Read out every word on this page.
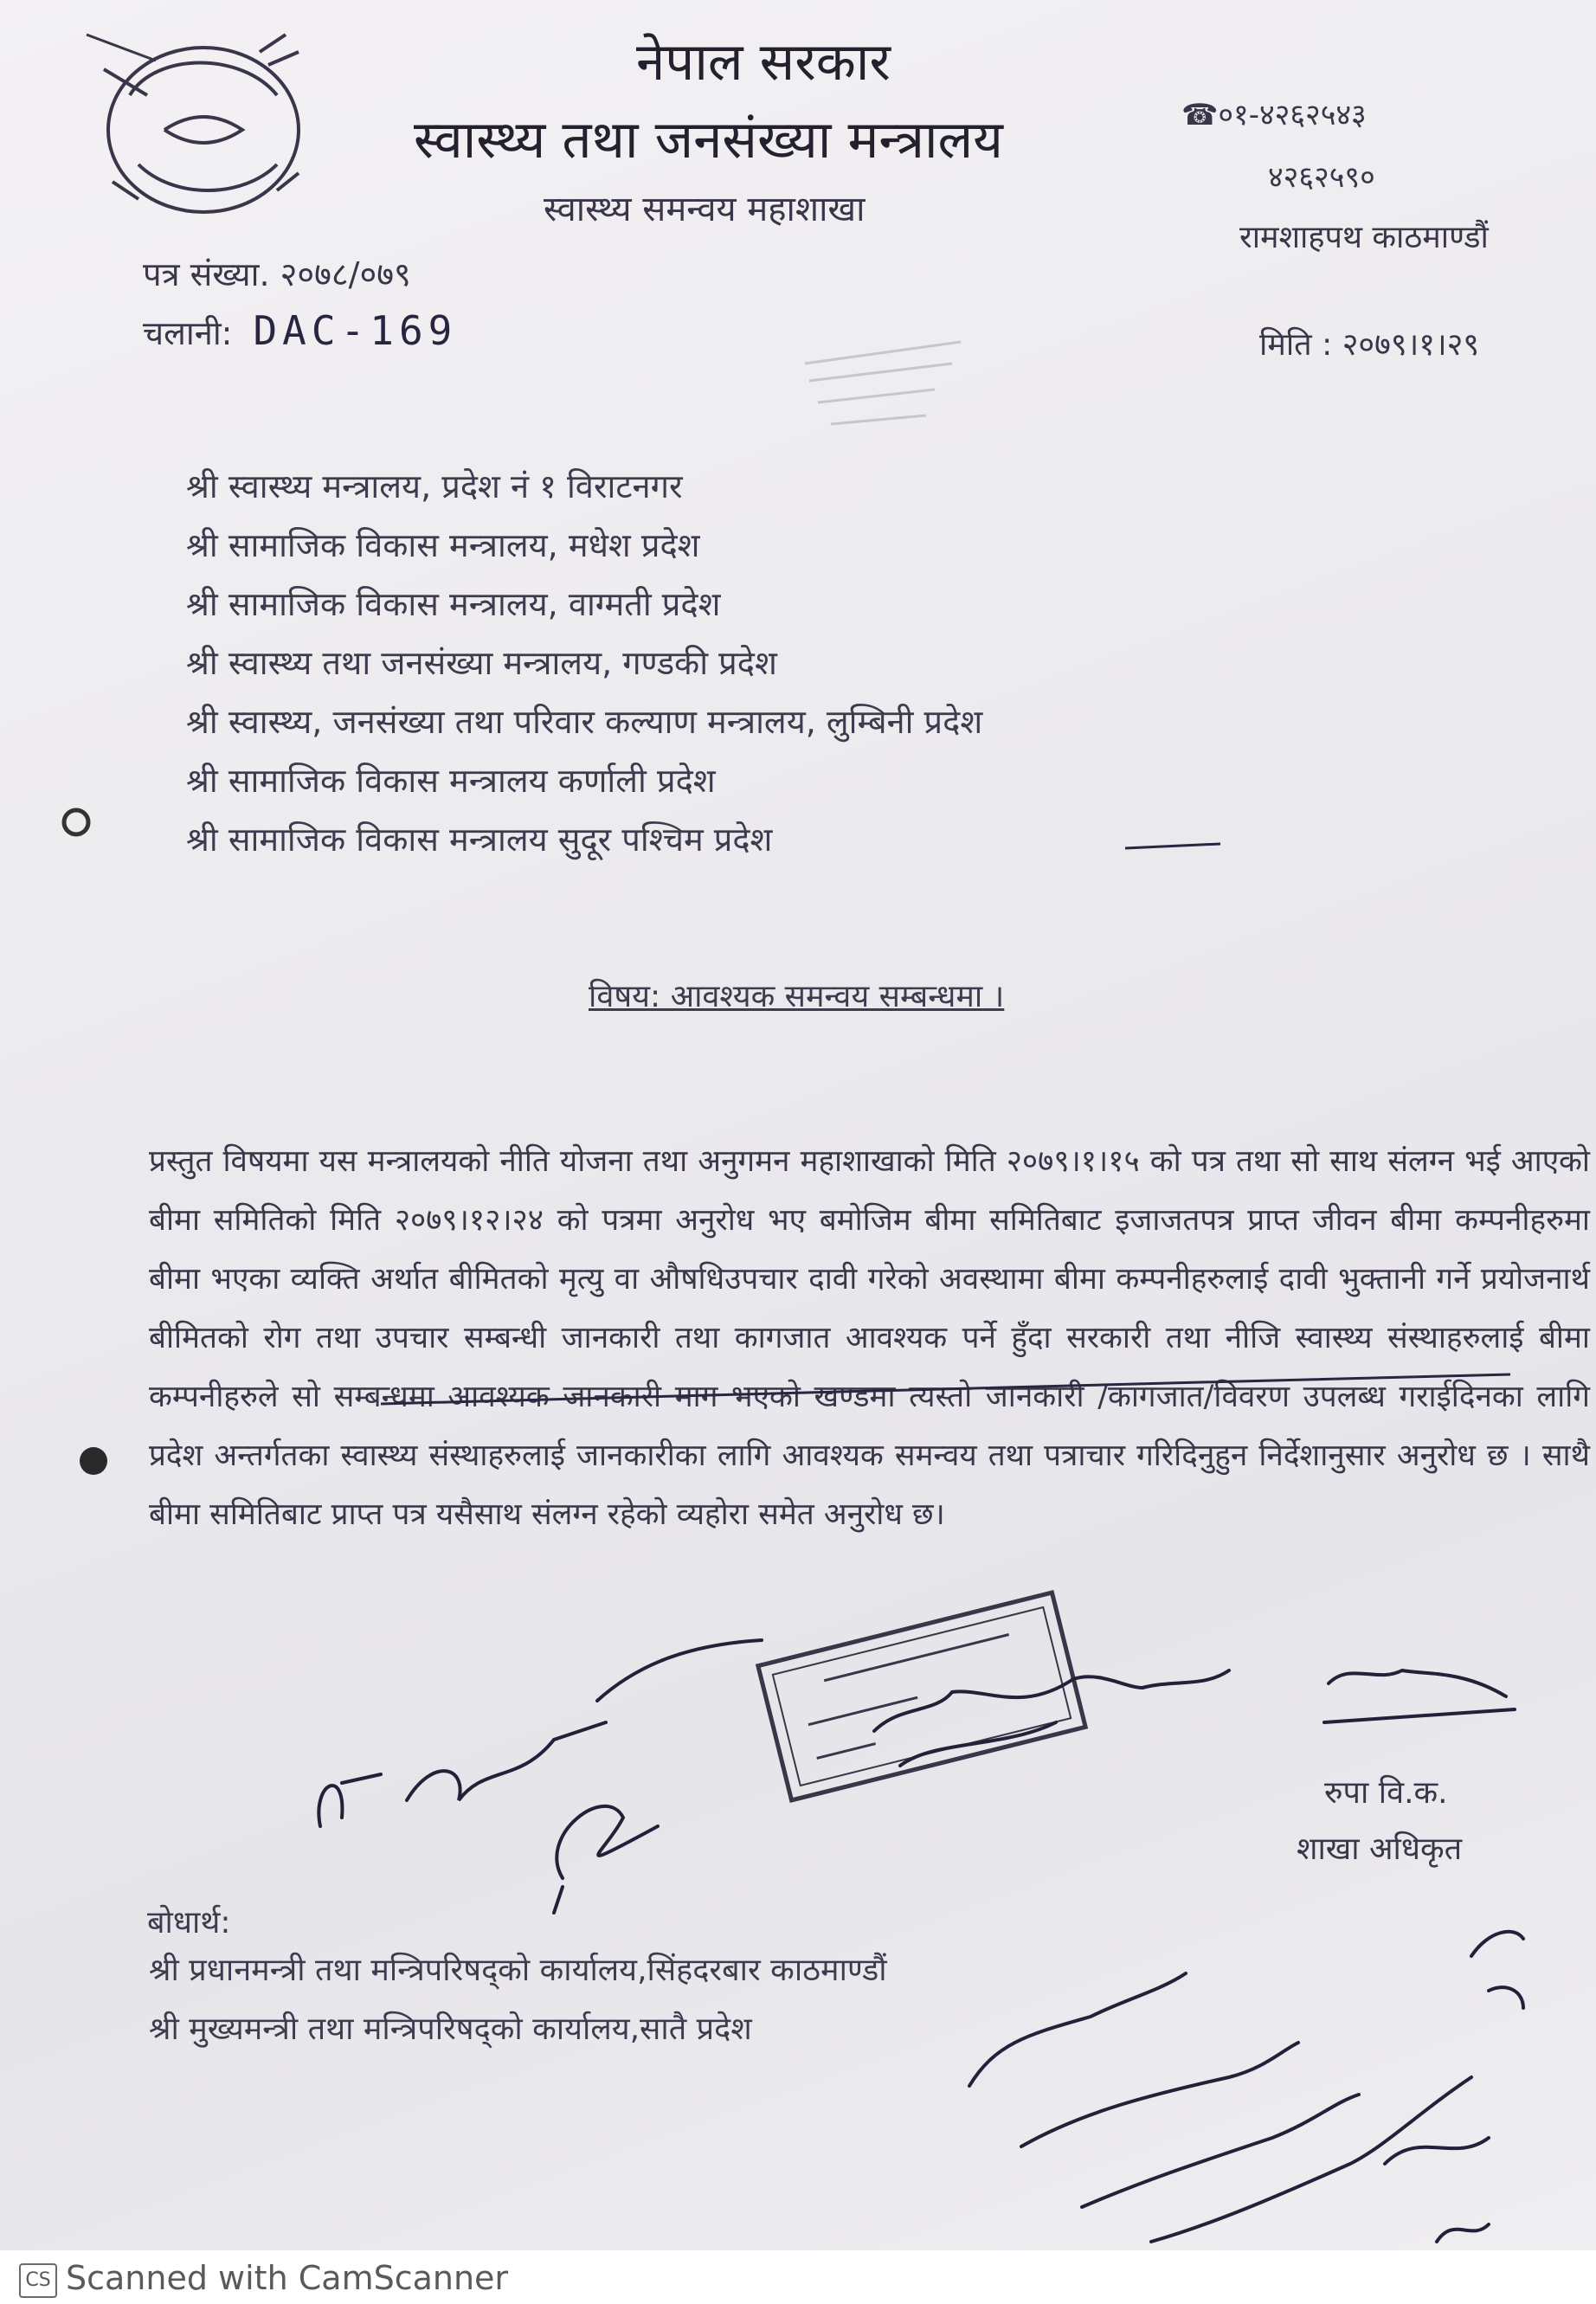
नेपाल सरकार
स्वास्थ्य तथा जनसंख्या मन्त्रालय
स्वास्थ्य समन्वय महाशाखा
☎०१-४२६२५४३
४२६२५९०
रामशाहपथ काठमाण्डौं
पत्र संख्या. २०७८/०७९
चलानी: DAC-169	मिति : २०७९।१।२९
श्री स्वास्थ्य मन्त्रालय, प्रदेश नं १ विराटनगर
श्री सामाजिक विकास मन्त्रालय, मधेश प्रदेश
श्री सामाजिक विकास मन्त्रालय, वाग्मती प्रदेश
श्री स्वास्थ्य तथा जनसंख्या मन्त्रालय, गण्डकी प्रदेश
श्री स्वास्थ्य, जनसंख्या तथा परिवार कल्याण मन्त्रालय, लुम्बिनी प्रदेश
श्री सामाजिक विकास मन्त्रालय कर्णाली प्रदेश
श्री सामाजिक विकास मन्त्रालय सुदूर पश्चिम प्रदेश
विषय: आवश्यक समन्वय सम्बन्धमा ।
प्रस्तुत विषयमा यस मन्त्रालयको नीति योजना तथा अनुगमन महाशाखाको मिति २०७९।१।१५ को पत्र तथा सो साथ संलग्न भई आएको बीमा समितिको मिति २०७९।१२।२४ को पत्रमा अनुरोध भए बमोजिम बीमा समितिबाट इजाजतपत्र प्राप्त जीवन बीमा कम्पनीहरुमा बीमा भएका व्यक्ति अर्थात बीमितको मृत्यु वा औषधिउपचार दावी गरेको अवस्थामा बीमा कम्पनीहरुलाई दावी भुक्तानी गर्ने प्रयोजनार्थ बीमितको रोग तथा उपचार सम्बन्धी जानकारी तथा कागजात आवश्यक पर्ने हुँदा सरकारी तथा नीजि स्वास्थ्य संस्थाहरुलाई बीमा कम्पनीहरुले सो सम्बन्धमा आवश्यक जानकारी माग भएको खण्डमा त्यस्तो जानकारी /कागजात/विवरण उपलब्ध गराईदिनका लागि प्रदेश अन्तर्गतका स्वास्थ्य संस्थाहरुलाई जानकारीका लागि आवश्यक समन्वय तथा पत्राचार गरिदिनुहुन निर्देशानुसार अनुरोध छ । साथै बीमा समितिबाट प्राप्त पत्र यसैसाथ संलग्न रहेको व्यहोरा समेत अनुरोध छ।
रुपा वि.क.
शाखा अधिकृत
बोधार्थ:
श्री प्रधानमन्त्री तथा मन्त्रिपरिषद्को कार्यालय,सिंहदरबार काठमाण्डौं
श्री मुख्यमन्त्री तथा मन्त्रिपरिषद्को कार्यालय,सातै प्रदेश
CS Scanned with CamScanner
